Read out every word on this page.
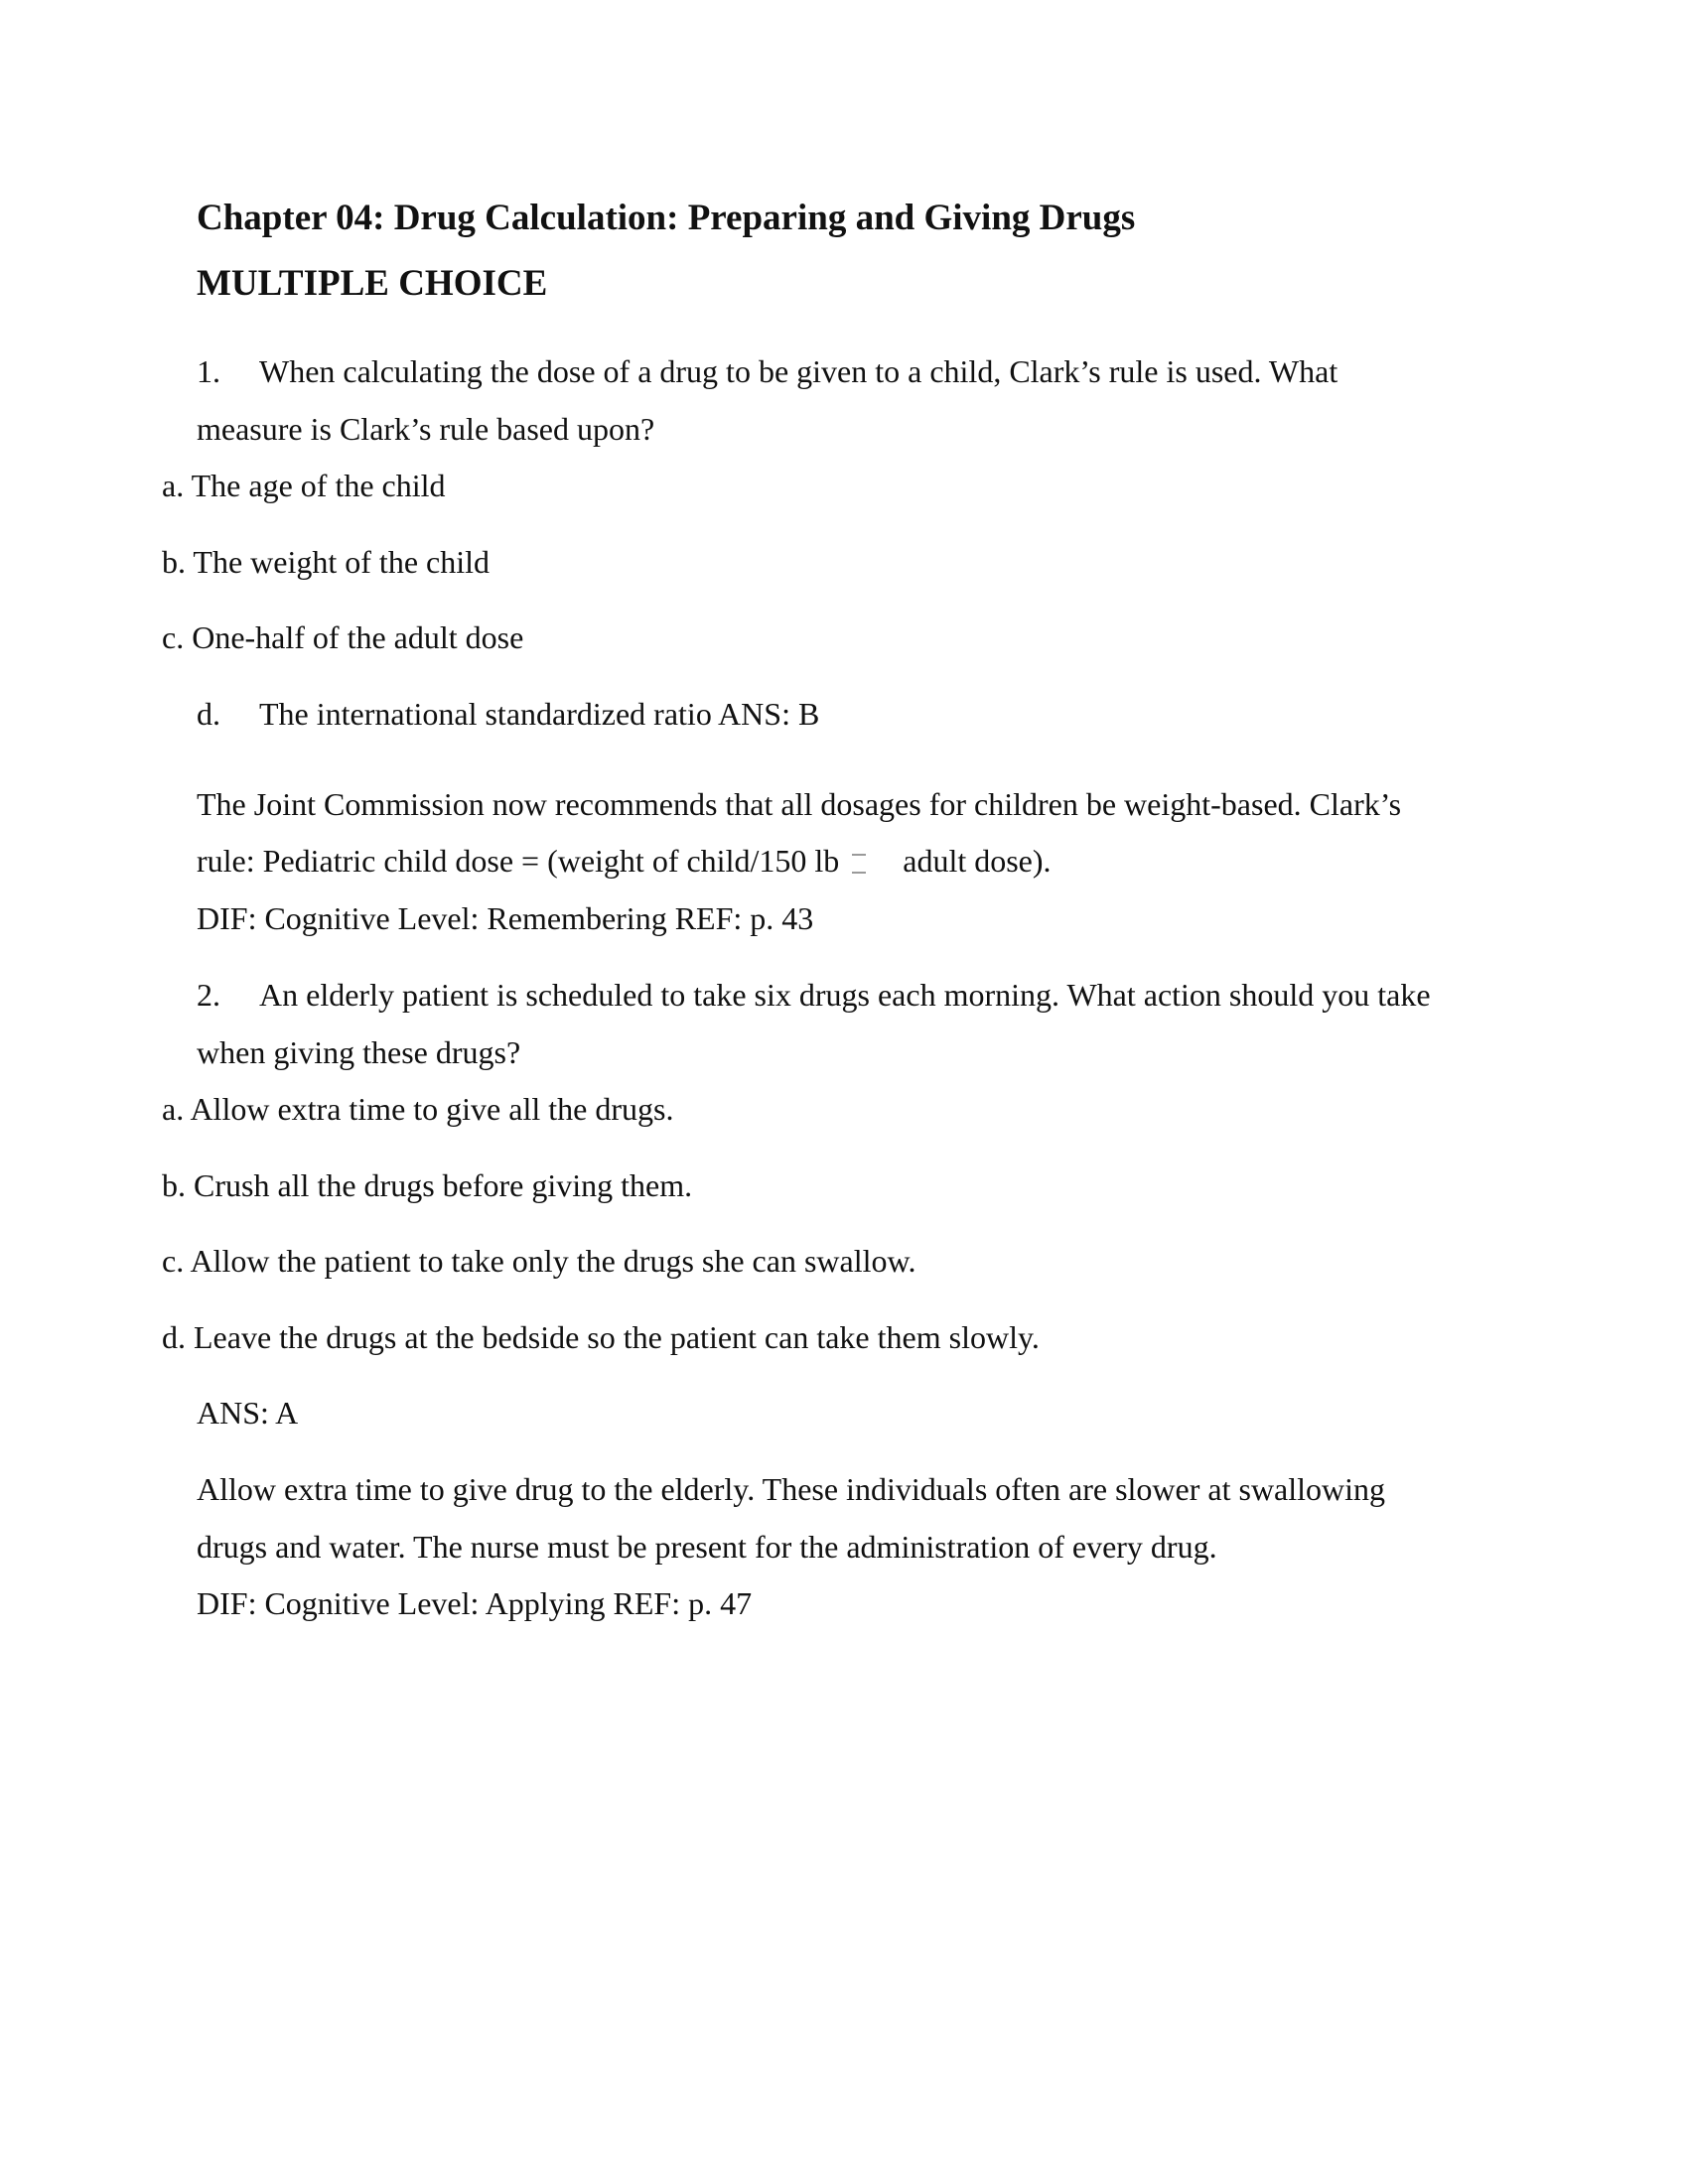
Chapter 04: Drug Calculation: Preparing and Giving Drugs
MULTIPLE CHOICE
1. When calculating the dose of a drug to be given to a child, Clark’s rule is used. What
measure is Clark’s rule based upon?
a. The age of the child
b. The weight of the child
c. One-half of the adult dose
d. The international standardized ratio ANS: B
The Joint Commission now recommends that all dosages for children be weight-based. Clark’s
rule: Pediatric child dose = (weight of child/150 lb adult dose).
DIF: Cognitive Level: Remembering REF: p. 43
2. An elderly patient is scheduled to take six drugs each morning. What action should you take
when giving these drugs?
a. Allow extra time to give all the drugs.
b. Crush all the drugs before giving them.
c. Allow the patient to take only the drugs she can swallow.
d. Leave the drugs at the bedside so the patient can take them slowly.
ANS: A
Allow extra time to give drug to the elderly. These individuals often are slower at swallowing
drugs and water. The nurse must be present for the administration of every drug.
DIF: Cognitive Level: Applying REF: p. 47
